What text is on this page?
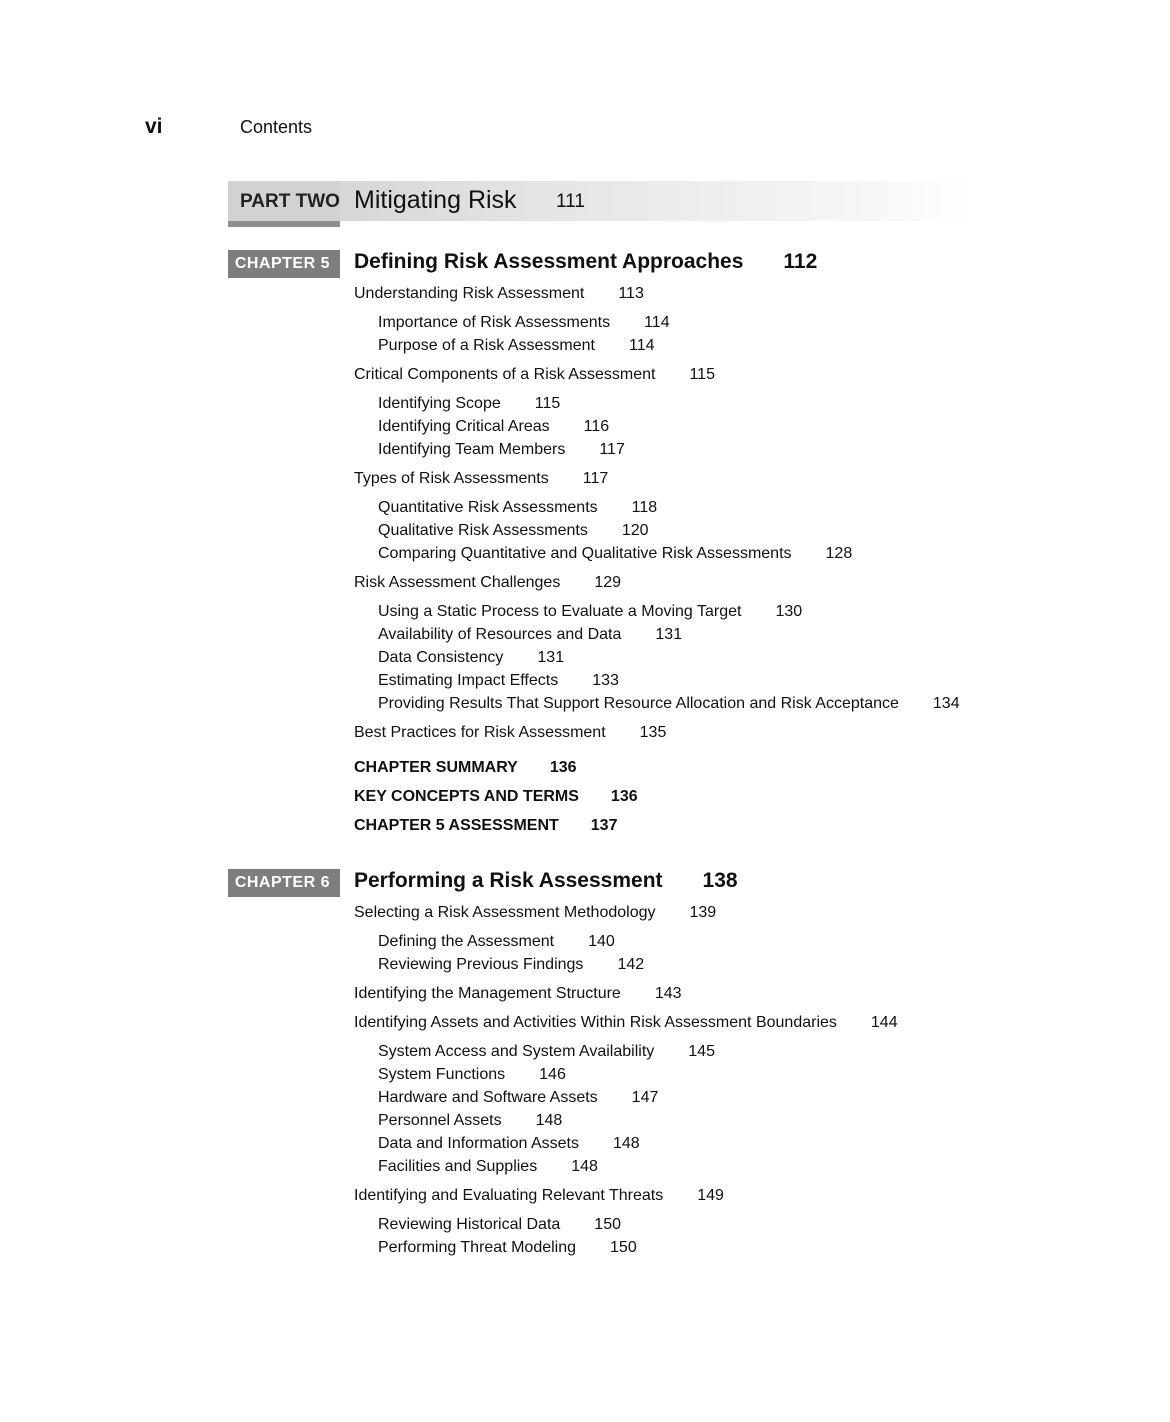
vi	Contents
PART TWO Mitigating Risk 111
CHAPTER 5	Defining Risk Assessment Approaches 112
Understanding Risk Assessment 113
Importance of Risk Assessments 114
Purpose of a Risk Assessment 114
Critical Components of a Risk Assessment 115
Identifying Scope 115
Identifying Critical Areas 116
Identifying Team Members 117
Types of Risk Assessments 117
Quantitative Risk Assessments 118
Qualitative Risk Assessments 120
Comparing Quantitative and Qualitative Risk Assessments 128
Risk Assessment Challenges 129
Using a Static Process to Evaluate a Moving Target 130
Availability of Resources and Data 131
Data Consistency 131
Estimating Impact Effects 133
Providing Results That Support Resource Allocation and Risk Acceptance 134
Best Practices for Risk Assessment 135
CHAPTER SUMMARY 136
KEY CONCEPTS AND TERMS 136
CHAPTER 5 ASSESSMENT 137
CHAPTER 6	Performing a Risk Assessment 138
Selecting a Risk Assessment Methodology 139
Defining the Assessment 140
Reviewing Previous Findings 142
Identifying the Management Structure 143
Identifying Assets and Activities Within Risk Assessment Boundaries 144
System Access and System Availability 145
System Functions 146
Hardware and Software Assets 147
Personnel Assets 148
Data and Information Assets 148
Facilities and Supplies 148
Identifying and Evaluating Relevant Threats 149
Reviewing Historical Data 150
Performing Threat Modeling 150
